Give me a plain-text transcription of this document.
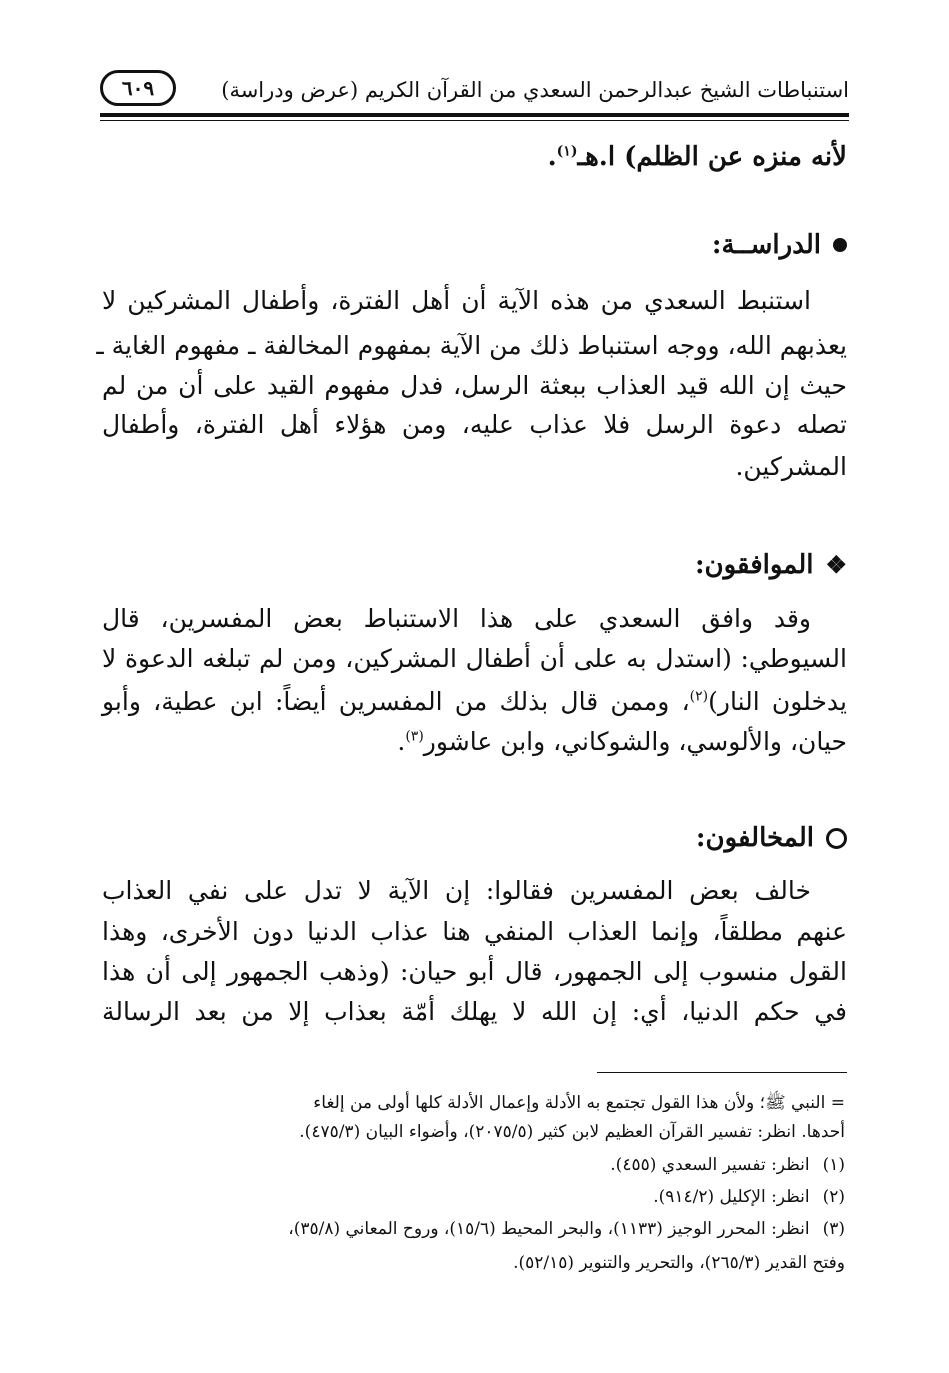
استنباطات الشيخ عبدالرحمن السعدي من القرآن الكريم (عرض ودراسة)
٦٠٩
لأنه منزه عن الظلم) ا.هـ$^{(١)}$.
الدراســة:
استنبط السعدي من هذه الآية أن أهل الفترة، وأطفال المشركين لا
يعذبهم الله، ووجه استنباط ذلك من الآية بمفهوم المخالفة ـ مفهوم الغاية ـ
حيث إن الله قيد العذاب ببعثة الرسل، فدل مفهوم القيد على أن من لم
تصله دعوة الرسل فلا عذاب عليه، ومن هؤلاء أهل الفترة، وأطفال
المشركين.
❖
الموافقون:
وقد وافق السعدي على هذا الاستنباط بعض المفسرين، قال
السيوطي: (استدل به على أن أطفال المشركين، ومن لم تبلغه الدعوة لا
يدخلون النار)$^{(٢)}$، وممن قال بذلك من المفسرين أيضاً: ابن عطية، وأبو
حيان، والألوسي، والشوكاني، وابن عاشور$^{(٣)}$.
المخالفون:
خالف بعض المفسرين فقالوا: إن الآية لا تدل على نفي العذاب
عنهم مطلقاً، وإنما العذاب المنفي هنا عذاب الدنيا دون الأخرى، وهذا
القول منسوب إلى الجمهور، قال أبو حيان: (وذهب الجمهور إلى أن هذا
في حكم الدنيا، أي: إن الله لا يهلك أمّة بعذاب إلا من بعد الرسالة
= النبي ﷺ؛ ولأن هذا القول تجتمع به الأدلة وإعمال الأدلة كلها أولى من إلغاء
أحدها. انظر: تفسير القرآن العظيم لابن كثير (٢٠٧٥/٥)، وأضواء البيان (٤٧٥/٣).
(١) انظر: تفسير السعدي (٤٥٥).
(٢) انظر: الإكليل (٩١٤/٢).
(٣) انظر: المحرر الوجيز (١١٣٣)، والبحر المحيط (١٥/٦)، وروح المعاني (٣٥/٨)،
وفتح القدير (٢٦٥/٣)، والتحرير والتنوير (٥٢/١٥).
